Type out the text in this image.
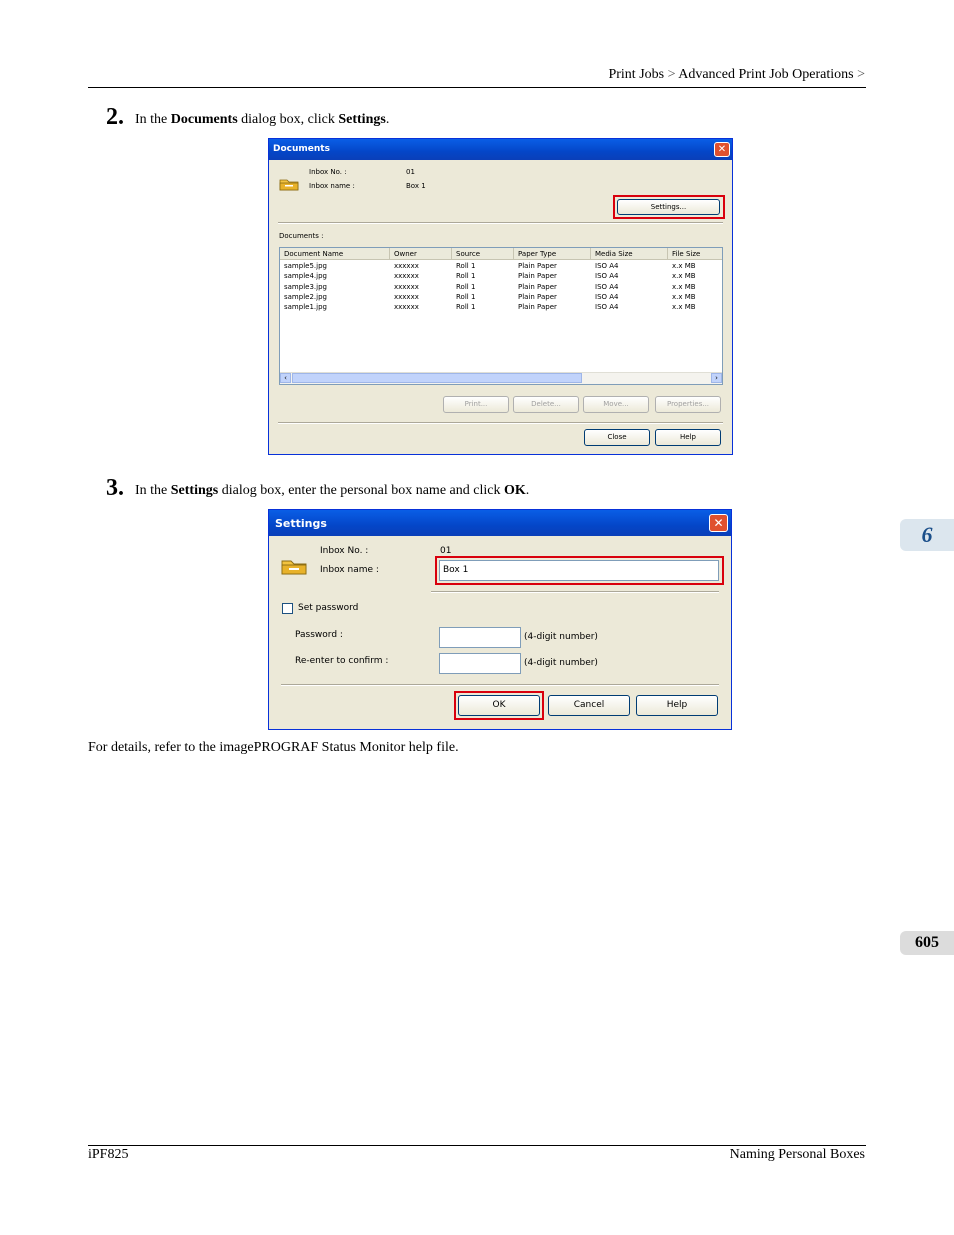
Print Jobs > Advanced Print Job Operations >
2. In the Documents dialog box, click Settings.
Documents	✕
Inbox No. :	01
Inbox name :	Box 1
Settings...
Documents :
Document Name	Owner	Source	Paper Type	Media Size	File Size
sample5.jpg	xxxxxx	Roll 1	Plain Paper	ISO A4	x.x MB
sample4.jpg	xxxxxx	Roll 1	Plain Paper	ISO A4	x.x MB
sample3.jpg	xxxxxx	Roll 1	Plain Paper	ISO A4	x.x MB
sample2.jpg	xxxxxx	Roll 1	Plain Paper	ISO A4	x.x MB
sample1.jpg	xxxxxx	Roll 1	Plain Paper	ISO A4	x.x MB
‹	›
Print...	Delete...	Move...	Properties...
Close	Help
3. In the Settings dialog box, enter the personal box name and click OK.
6
Settings	✕
Inbox No. :	01
Inbox name :	Box 1
Set password
Password :	(4-digit number)
Re-enter to confirm :	(4-digit number)
OK	Cancel	Help
For details, refer to the imagePROGRAF Status Monitor help file.
605
iPF825	Naming Personal Boxes
